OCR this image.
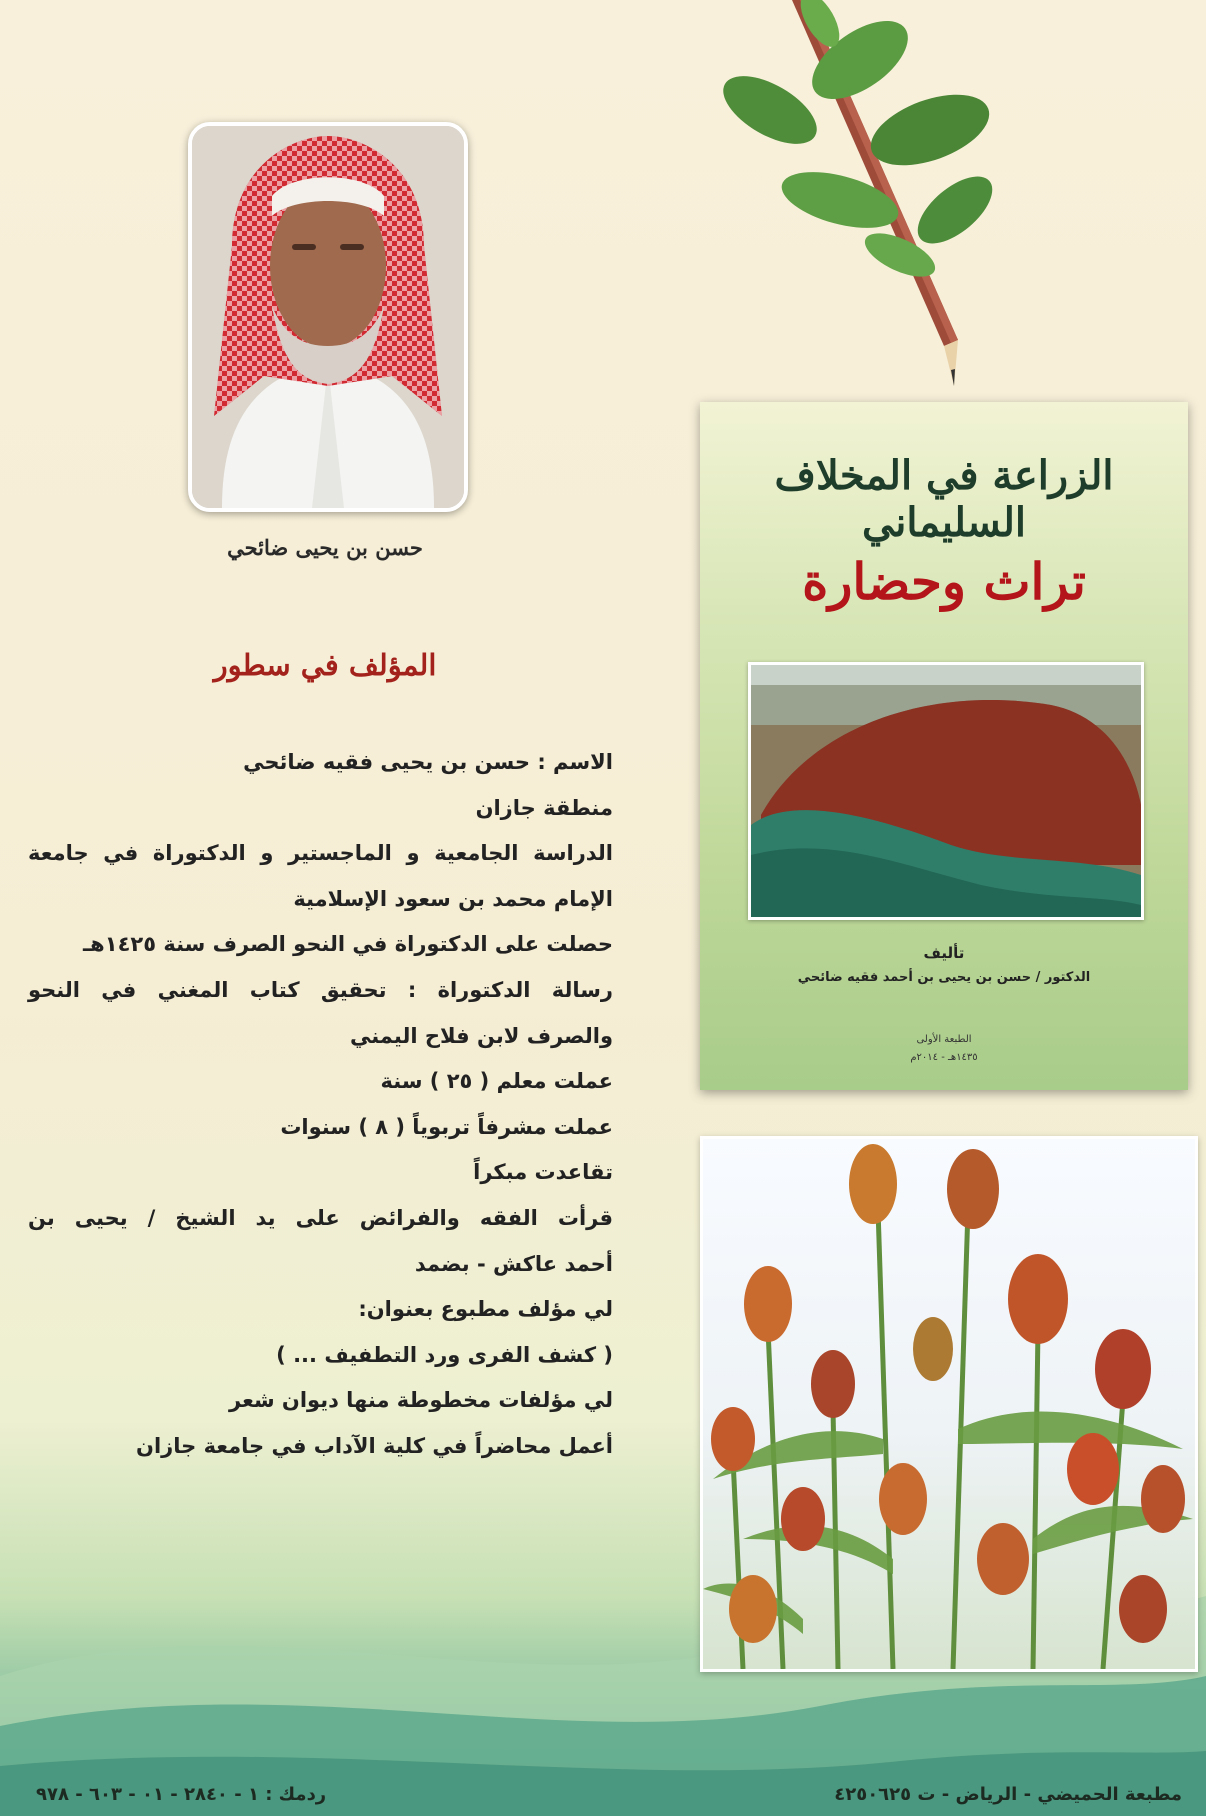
حسن بن يحيى ضائحي
المؤلف في سطور
الاسم : حسن بن يحيى فقيه ضائحي
منطقة جازان
الدراسة الجامعية و الماجستير و الدكتوراة في جامعة
الإمام محمد بن سعود الإسلامية
حصلت على الدكتوراة في النحو الصرف سنة ١٤٢٥هـ
رسالة الدكتوراة : تحقيق كتاب المغني في النحو
والصرف لابن فلاح اليمني
عملت معلم ( ٢٥ ) سنة
عملت مشرفاً تربوياً ( ٨ ) سنوات
تقاعدت مبكراً
قرأت الفقه والفرائض على يد الشيخ / يحيى بن
أحمد عاكش - بضمد
لي مؤلف مطبوع بعنوان:
( كشف الفرى ورد التطفيف ... )
لي مؤلفات مخطوطة منها ديوان شعر
أعمل محاضراً في كلية الآداب في جامعة جازان
الزراعة في المخلاف السليماني
تراث وحضارة
تأليف
الدكتور / حسن بن يحيى بن أحمد فقيه ضائحي
الطبعة الأولى
١٤٣٥هـ - ٢٠١٤م
مطبعة الحميضي - الرياض - ت ٤٢٥٠٦٢٥
ردمك : ١ - ٢٨٤٠ - ٠١ - ٦٠٣ - ٩٧٨
